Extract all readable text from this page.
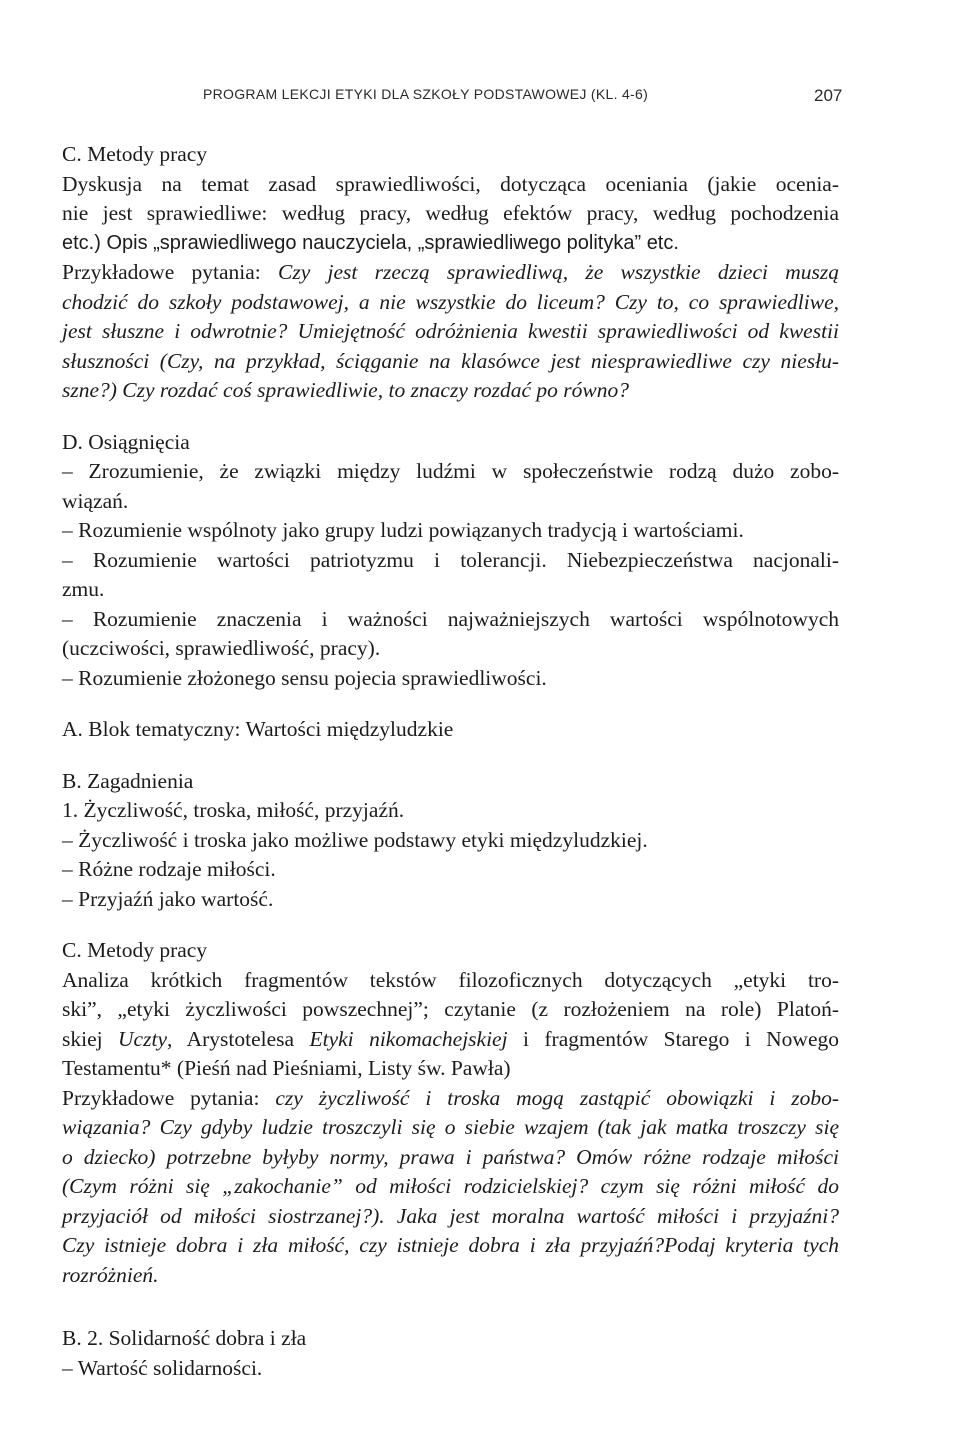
PROGRAM LEKCJI ETYKI DLA SZKOŁY PODSTAWOWEJ (KL. 4-6)	207
C. Metody pracy
Dyskusja na temat zasad sprawiedliwości, dotycząca oceniania (jakie ocenia-
nie jest sprawiedliwe: według pracy, według efektów pracy, według pochodzenia
etc.) Opis „sprawiedliwego nauczyciela, „sprawiedliwego polityka” etc.
Przykładowe pytania: Czy jest rzeczą sprawiedliwą, że wszystkie dzieci muszą
chodzić do szkoły podstawowej, a nie wszystkie do liceum? Czy to, co sprawiedliwe,
jest słuszne i odwrotnie? Umiejętność odróżnienia kwestii sprawiedliwości od kwestii
słuszności (Czy, na przykład, ściąganie na klasówce jest niesprawiedliwe czy niesłu-
szne?) Czy rozdać coś sprawiedliwie, to znaczy rozdać po równo?
D. Osiągnięcia
– Zrozumienie, że związki między ludźmi w społeczeństwie rodzą dużo zobo-
wiązań.
– Rozumienie wspólnoty jako grupy ludzi powiązanych tradycją i wartościami.
– Rozumienie wartości patriotyzmu i tolerancji. Niebezpieczeństwa nacjonali-
zmu.
– Rozumienie znaczenia i ważności najważniejszych wartości wspólnotowych
(uczciwości, sprawiedliwość, pracy).
– Rozumienie złożonego sensu pojecia sprawiedliwości.
A. Blok tematyczny: Wartości międzyludzkie
B. Zagadnienia
1. Życzliwość, troska, miłość, przyjaźń.
– Życzliwość i troska jako możliwe podstawy etyki międzyludzkiej.
– Różne rodzaje miłości.
– Przyjaźń jako wartość.
C. Metody pracy
Analiza krótkich fragmentów tekstów filozoficznych dotyczących „etyki tro-
ski”, „etyki życzliwości powszechnej”; czytanie (z rozłożeniem na role) Platoń-
skiej Uczty, Arystotelesa Etyki nikomachejskiej i fragmentów Starego i Nowego
Testamentu* (Pieśń nad Pieśniami, Listy św. Pawła)
Przykładowe pytania: czy życzliwość i troska mogą zastąpić obowiązki i zobo-
wiązania? Czy gdyby ludzie troszczyli się o siebie wzajem (tak jak matka troszczy się
o dziecko) potrzebne byłyby normy, prawa i państwa? Omów różne rodzaje miłości
(Czym różni się „zakochanie” od miłości rodzicielskiej? czym się różni miłość do
przyjaciół od miłości siostrzanej?). Jaka jest moralna wartość miłości i przyjaźni?
Czy istnieje dobra i zła miłość, czy istnieje dobra i zła przyjaźń?Podaj kryteria tych
rozróżnień.
B. 2. Solidarność dobra i zła
– Wartość solidarności.
